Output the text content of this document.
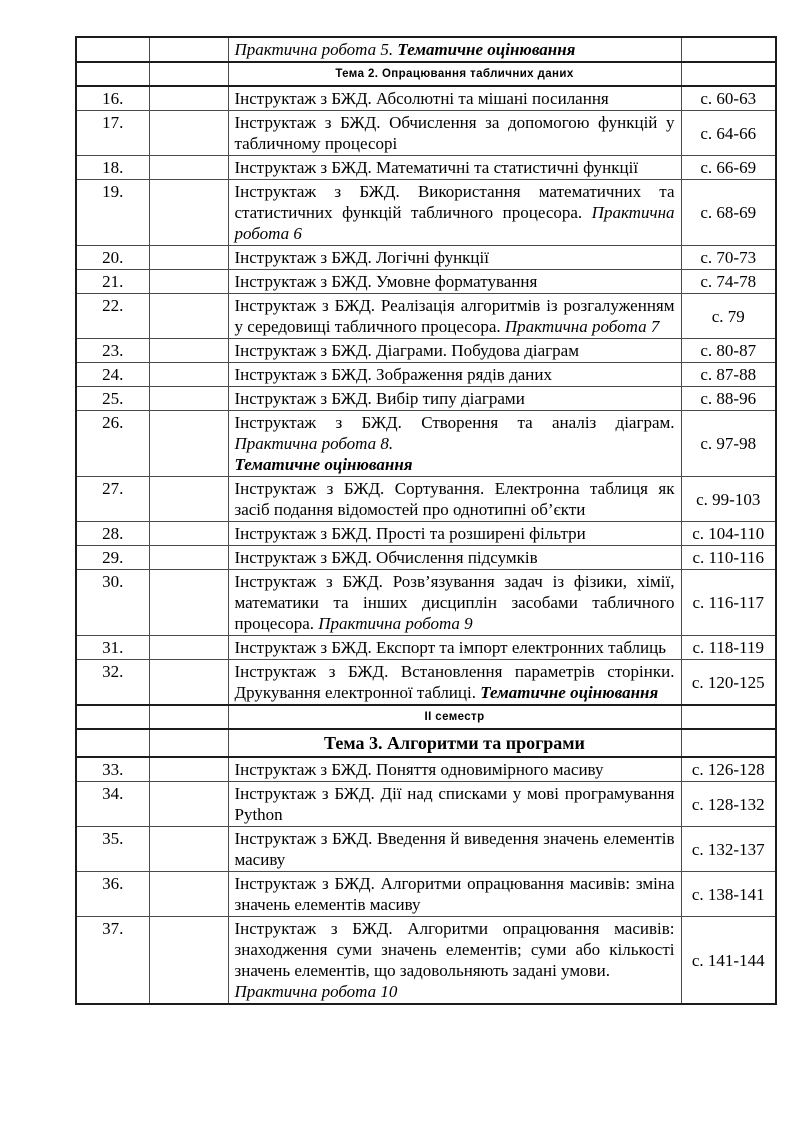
		Практична робота 5. Тематичне оцінювання	
		Тема 2. Опрацювання табличних даних	
16.		Інструктаж з БЖД. Абсолютні та мішані посилання	с. 60-63
17.		Інструктаж з БЖД. Обчислення за допомогою функцій у табличному процесорі	с. 64-66
18.		Інструктаж з БЖД. Математичні та статистичні функції	с. 66-69
19.		Інструктаж з БЖД. Використання математичних та статистичних функцій табличного процесора. Практична робота 6	с. 68-69
20.		Інструктаж з БЖД. Логічні функції	с. 70-73
21.		Інструктаж з БЖД. Умовне форматування	с. 74-78
22.		Інструктаж з БЖД. Реалізація алгоритмів із розгалуженням у середовищі табличного процесора. Практична робота 7	с. 79
23.		Інструктаж з БЖД. Діаграми. Побудова діаграм	с. 80-87
24.		Інструктаж з БЖД. Зображення рядів даних	с. 87-88
25.		Інструктаж з БЖД. Вибір типу діаграми	с. 88-96
26.		Інструктаж з БЖД. Створення та аналіз діаграм.
Практична робота 8.
Тематичне оцінювання	с. 97-98
27.		Інструктаж з БЖД. Сортування. Електронна таблиця як засіб подання відомостей про однотипні об’єкти	с. 99-103
28.		Інструктаж з БЖД. Прості та розширені фільтри	с. 104-110
29.		Інструктаж з БЖД. Обчислення підсумків	с. 110-116
30.		Інструктаж з БЖД. Розв’язування задач із фізики, хімії, математики та інших дисциплін засобами табличного процесора. Практична робота 9	с. 116-117
31.		Інструктаж з БЖД. Експорт та імпорт електронних таблиць	с. 118-119
32.		Інструктаж з БЖД. Встановлення параметрів сторінки. Друкування електронної таблиці. Тематичне оцінювання	с. 120-125
		ІІ семестр	
		Тема 3. Алгоритми та програми	
33.		Інструктаж з БЖД. Поняття одновимірного масиву	с. 126-128
34.		Інструктаж з БЖД. Дії над списками у мові програмування Python	с. 128-132
35.		Інструктаж з БЖД. Введення й виведення значень елементів масиву	с. 132-137
36.		Інструктаж з БЖД. Алгоритми опрацювання масивів: зміна значень елементів масиву	с. 138-141
37.		Інструктаж з БЖД. Алгоритми опрацювання масивів: знаходження суми значень елементів; суми або кількості значень елементів, що задовольняють задані умови.
Практична робота 10	с. 141-144
